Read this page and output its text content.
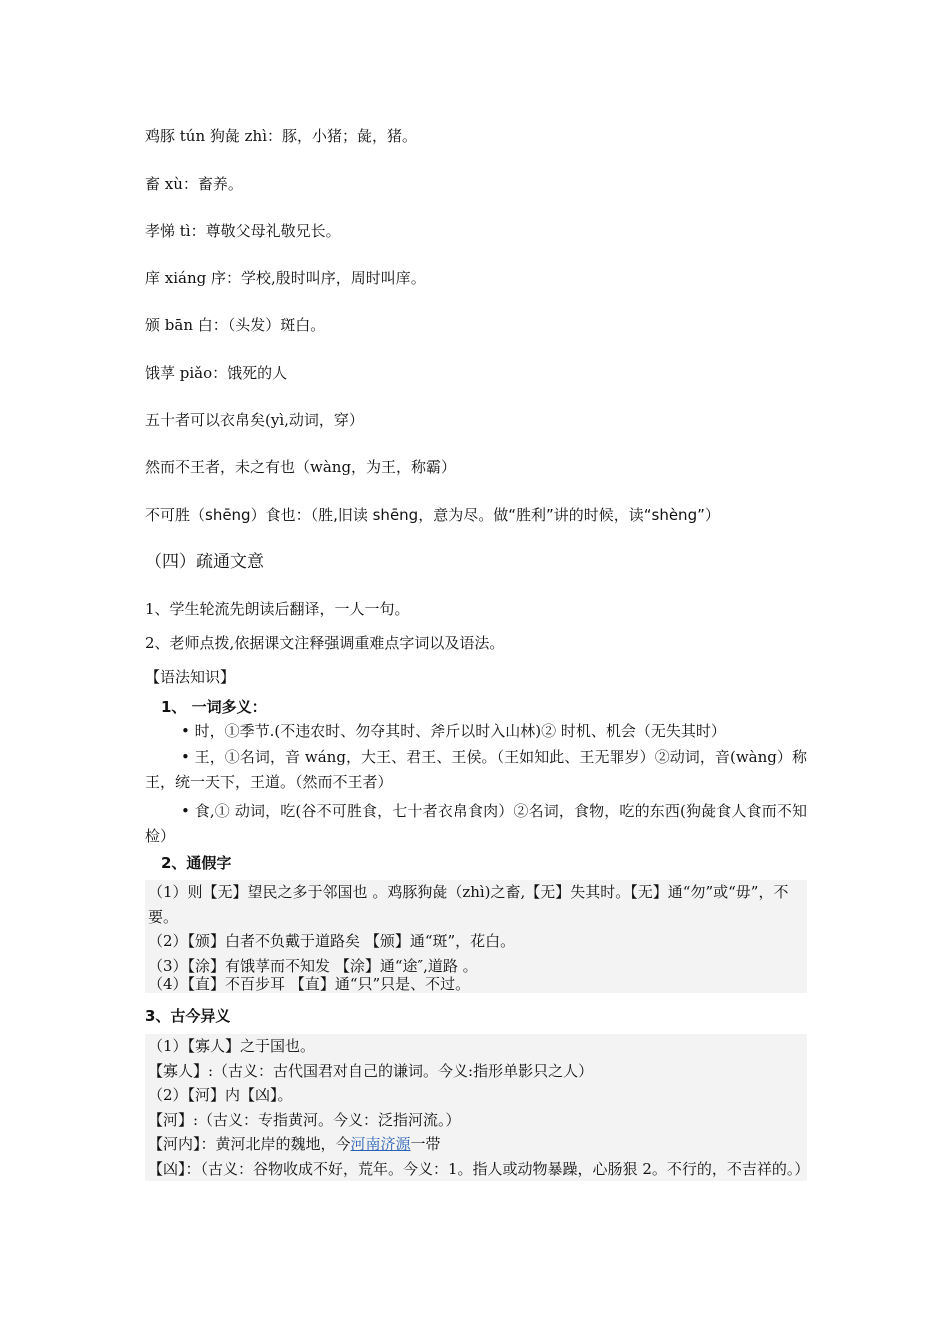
鸡豚 tún 狗彘 zhì：豚，小猪；彘，猪。
畜 xù：畜养。
孝悌 tì：尊敬父母礼敬兄长。
庠 xiáng 序：学校,殷时叫序，周时叫庠。
颁 bān 白：（头发）斑白。
饿莩 piǎo：饿死的人
五十者可以衣帛矣(yì,动词，穿）
然而不王者，未之有也（wàng，为王，称霸）
不可胜（shēng）食也：（胜,旧读 shēng，意为尽。做“胜利”讲的时候，读“shèng”）
（四）疏通文意
1、学生轮流先朗读后翻译，一人一句。
2、老师点拨,依据课文注释强调重难点字词以及语法。
【语法知识】
1、 一词多义：
• 时，①季节.(不违农时、勿夺其时、斧斤以时入山林)② 时机、机会（无失其时）
• 王，①名词，音 wáng，大王、君王、王侯。（王如知此、王无罪岁）②动词，音(wàng）称王，统一天下，王道。（然而不王者）
• 食,① 动词，吃(谷不可胜食，七十者衣帛食肉）②名词，食物，吃的东西(狗彘食人食而不知检）
2、通假字
（1）则【无】望民之多于邻国也 。鸡豚狗彘（zhì)之畜,【无】失其时。【无】通“勿”或“毋”，不要。
（2）【颁】白者不负戴于道路矣 【颁】通“斑”，花白。
（3）【涂】有饿莩而不知发 【涂】通“途″,道路 。
（4）【直】不百步耳 【直】通“只”只是、不过。
3、古今异义
（1）【寡人】之于国也。
【寡人】:（古义：古代国君对自己的谦词。今义:指形单影只之人）
（2）【河】内【凶】。
【河】:（古义：专指黄河。今义：泛指河流。）
【河内】：黄河北岸的魏地，今河南济源一带
【凶】：（古义：谷物收成不好，荒年。今义：1。指人或动物暴躁，心肠狠 2。不行的，不吉祥的。）
